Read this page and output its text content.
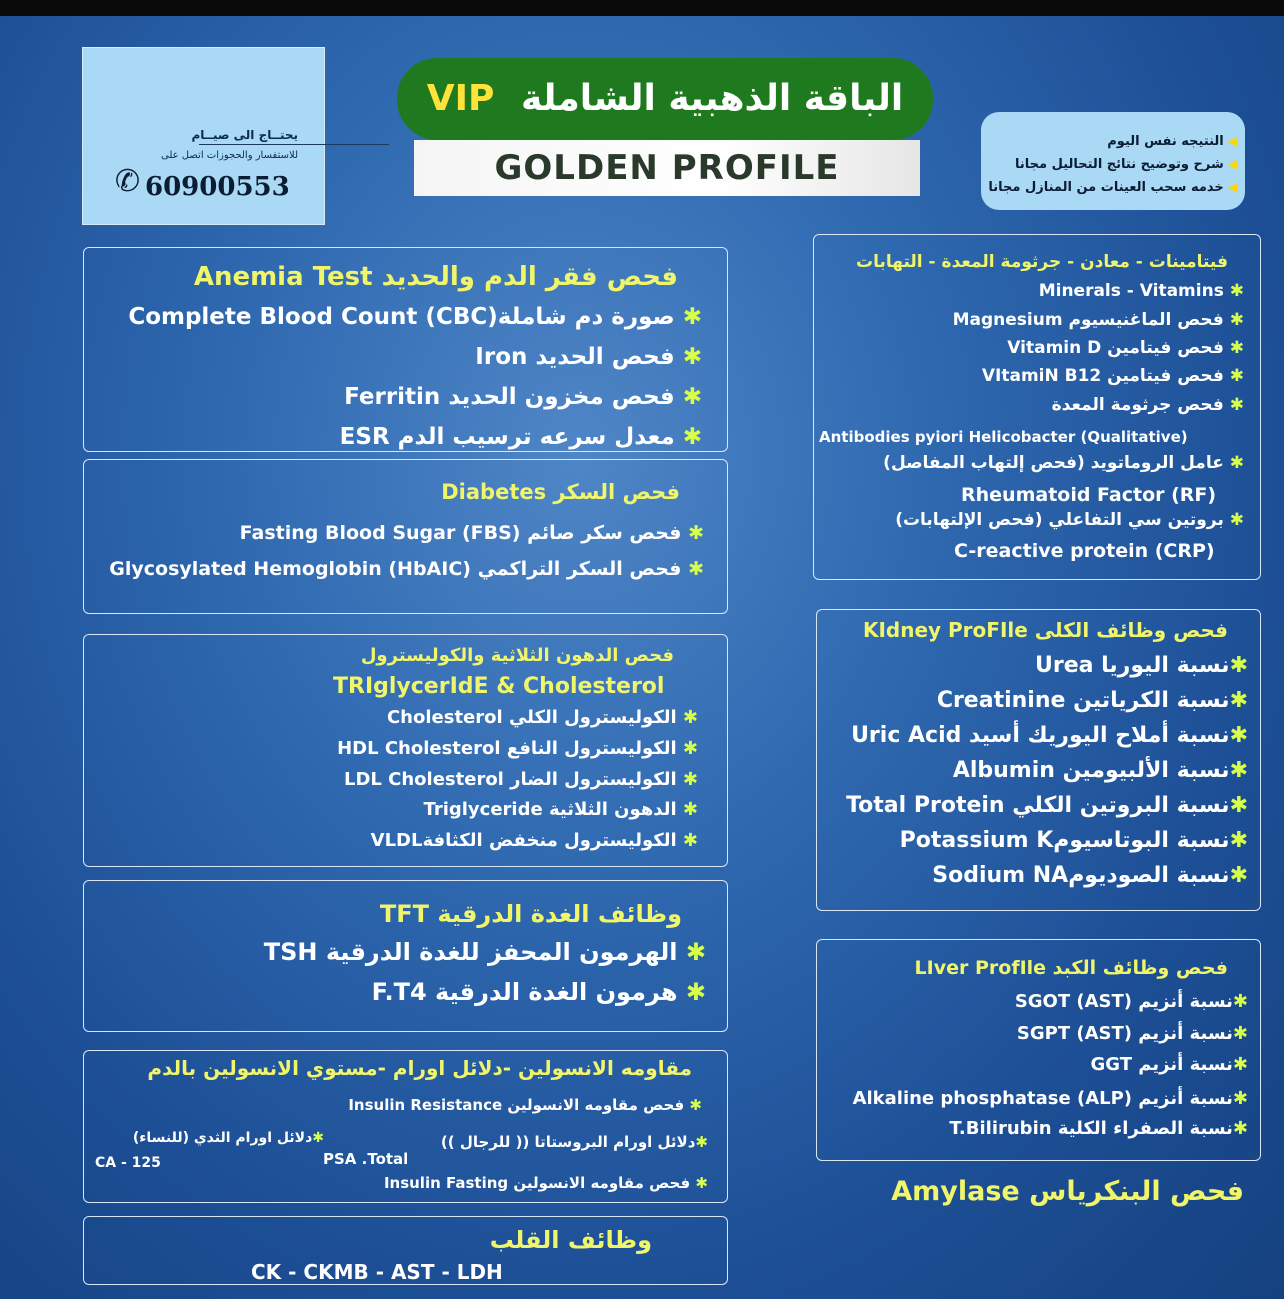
يحتــاج الى صيــام
للاستفسار والحجوزات اتصل على
✆ 60900553
VIP الباقة الذهبية الشاملة
GOLDEN PROFILE
◀النتيجه نفس اليوم
◀شرح وتوضيح نتائج التحاليل مجانا
◀خدمه سحب العينات من المنازل مجانا
فحص فقر الدم والحديد Anemia Test
✱ صورة دم شاملة(Complete Blood Count (CBC
✱ فحص الحديد Iron
✱ فحص مخزون الحديد Ferritin
✱ معدل سرعه ترسيب الدم ESR
فحص السكر Diabetes
✱ فحص سكر صائم (Fasting Blood Sugar (FBS
✱ فحص السكر التراكمي (Glycosylated Hemoglobin (HbAIC
فحص الدهون الثلاثية والكوليسترول
TRIglycerIdE & Cholesterol
✱ الكوليسترول الكلي Cholesterol
✱ الكوليسترول النافع HDL Cholesterol
✱ الكوليسترول الضار LDL Cholesterol
✱ الدهون الثلاثية Triglyceride
✱ الكوليسترول منخفض الكثافةVLDL
وظائف الغدة الدرقية TFT
✱ الهرمون المحفز للغدة الدرقية TSH
✱ هرمون الغدة الدرقية F.T4
مقاومه الانسولين -دلائل اورام -مستوي الانسولين بالدم
✱ فحص مقاومه الانسولين Insulin Resistance
✱دلائل اورام البروستاتا (( للرجال ))
PSA .Total
✱دلائل اورام الثدي (للنساء)
CA - 125
✱ فحص مقاومه الانسولين Insulin Fasting
وظائف القلب
CK - CKMB - AST - LDH
فيتامينات - معادن - جرثومة المعدة - التهابات
✱ Minerals - Vitamins
✱ فحص الماغنيسيوم Magnesium
✱ فحص فيتامين Vitamin D
✱ فحص فيتامين VItamiN B12
✱ فحص جرثومة المعدة
Antibodies pyiori Helicobacter (Qualitative)
✱ عامل الروماتويد (فحص إلتهاب المفاصل)
Rheumatoid Factor (RF)
✱ بروتين سي التفاعلي (فحص الإلتهابات)
C-reactive protein (CRP)
فحص وظائف الكلى KIdney ProFIle
✱نسبة اليوريا Urea
✱نسبة الكرياتين Creatinine
✱نسبة أملاح اليوريك أسيد Uric Acid
✱نسبة الألبيومين Albumin
✱نسبة البروتين الكلي Total Protein
✱نسبة البوتاسيومPotassium K
✱نسبة الصوديومSodium NA
فحص وظائف الكبد LIver ProfIle
✱نسبة أنزيم (SGOT (AST
✱نسبة أنزيم (SGPT (AST
✱نسبة أنزيم GGT
✱نسبة أنزيم (Alkaline phosphatase (ALP
✱نسبة الصفراء الكلية T.Bilirubin
فحص البنكرياس Amylase
